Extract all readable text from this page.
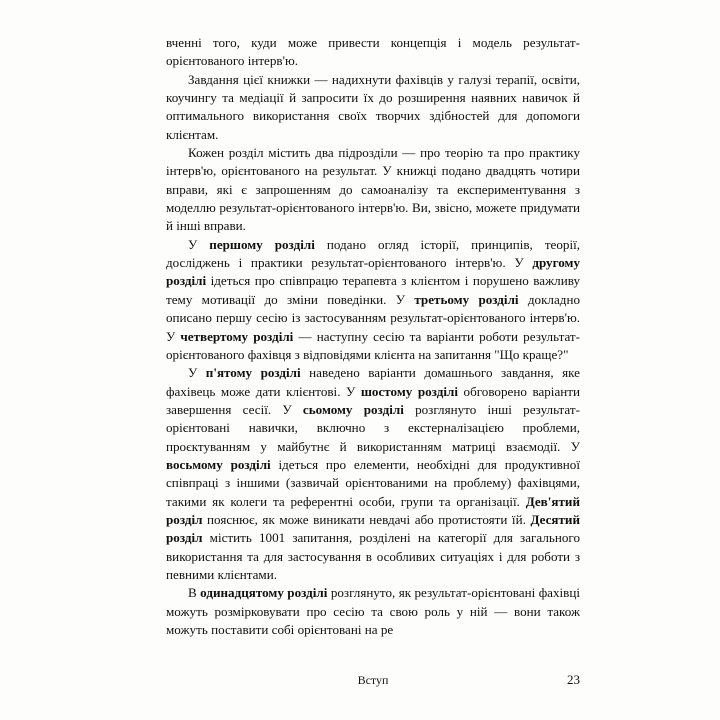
вченні того, куди може привести концепція і модель результат-орієнтованого інтерв'ю.

Завдання цієї книжки — надихнути фахівців у галузі терапії, освіти, коучингу та медіації й запросити їх до розширення наявних навичок й оптимального використання своїх творчих здібностей для допомоги клієнтам.

Кожен розділ містить два підрозділи — про теорію та про практику інтерв'ю, орієнтованого на результат. У книжці подано двадцять чотири вправи, які є запрошенням до самоаналізу та експериментування з моделлю результат-орієнтованого інтерв'ю. Ви, звісно, можете придумати й інші вправи.

У першому розділі подано огляд історії, принципів, теорії, досліджень і практики результат-орієнтованого інтерв'ю. У другому розділі ідеться про співпрацю терапевта з клієнтом і порушено важливу тему мотивації до зміни поведінки. У третьому розділі докладно описано першу сесію із застосуванням результат-орієнтованого інтерв'ю. У четвертому розділі — наступну сесію та варіанти роботи результат-орієнтованого фахівця з відповідями клієнта на запитання "Що краще?"

У п'ятому розділі наведено варіанти домашнього завдання, яке фахівець може дати клієнтові. У шостому розділі обговорено варіанти завершення сесії. У сьомому розділі розглянуто інші результат-орієнтовані навички, включно з екстерналізацією проблеми, проєктуванням у майбутнє й використанням матриці взаємодії. У восьмому розділі ідеться про елементи, необхідні для продуктивної співпраці з іншими (зазвичай орієнтованими на проблему) фахівцями, такими як колеги та референтні особи, групи та організації. Дев'ятий розділ пояснює, як може виникати невдачі або протистояти їй. Десятий розділ містить 1001 запитання, розділені на категорії для загального використання та для застосування в особливих ситуаціях і для роботи з певними клієнтами.

В одинадцятому розділі розглянуто, як результат-орієнтовані фахівці можуть розмірковувати про сесію та свою роль у ній — вони також можуть поставити собі орієнтовані на ре

Вступ	23
